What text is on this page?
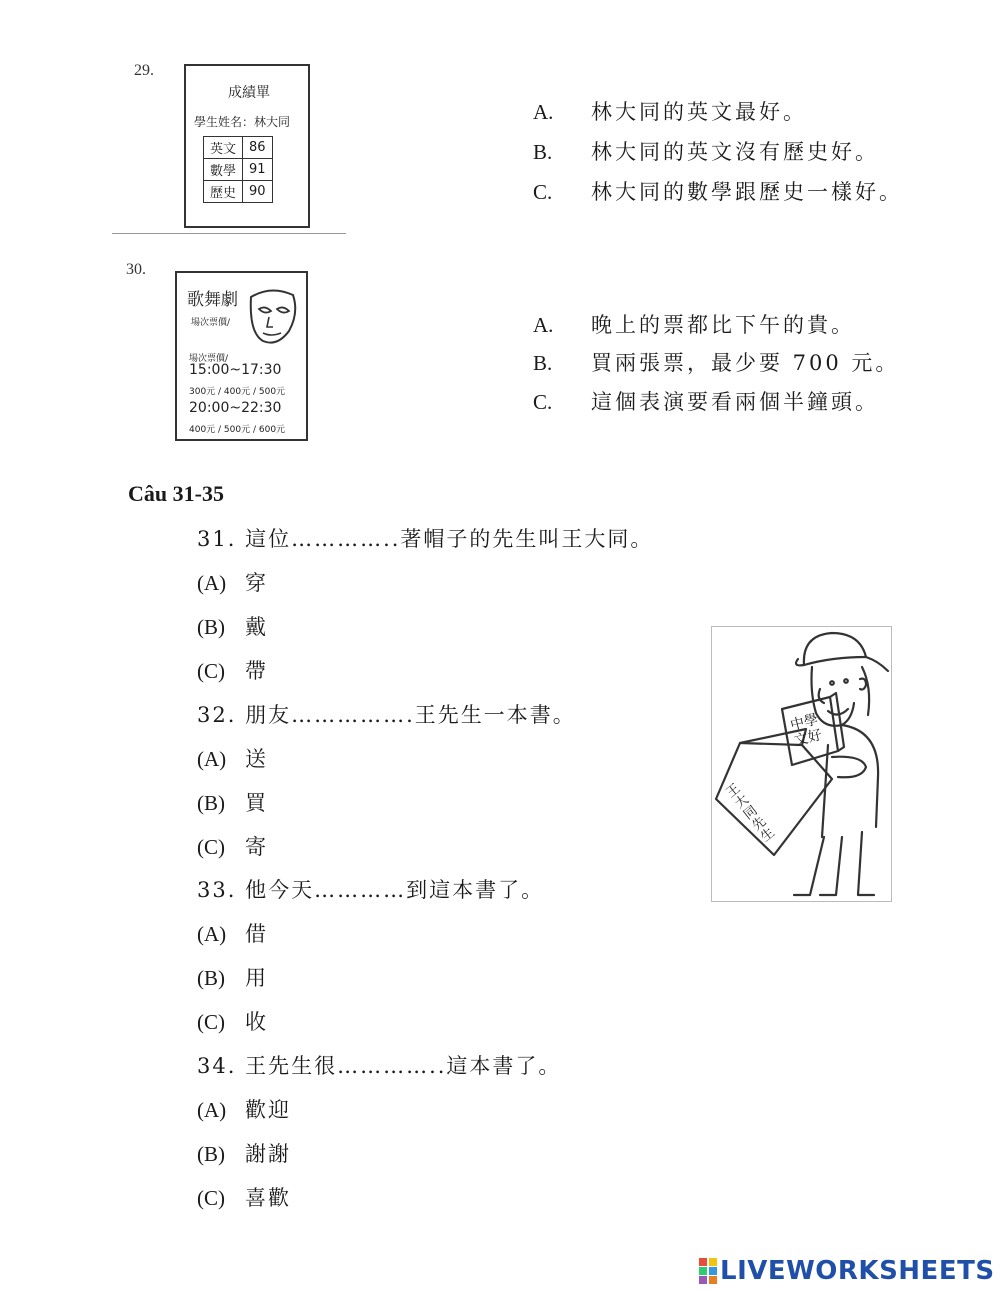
29.
成績單
學生姓名：林大同
英文	86
數學	91
歷史	90
A. 林大同的英文最好。
B. 林大同的英文沒有歷史好。
C. 林大同的數學跟歷史一樣好。
30.
歌舞劇
場次票價/
場次票價/
15:00~17:30
300元 / 400元 / 500元
20:00~22:30
400元 / 500元 / 600元
A. 晚上的票都比下午的貴。
B. 買兩張票，最少要 700 元。
C. 這個表演要看兩個半鐘頭。
Câu 31-35
31. 這位…………..著帽子的先生叫王大同。
(A) 穿
(B) 戴
(C) 帶
32. 朋友…………….王先生一本書。
(A) 送
(B) 買
(C) 寄
33. 他今天…………到這本書了。
(A) 借
(B) 用
(C) 收
34. 王先生很…………..這本書了。
(A) 歡迎
(B) 謝謝
(C) 喜歡
中學文好
王大同先生
LIVEWORKSHEETS
